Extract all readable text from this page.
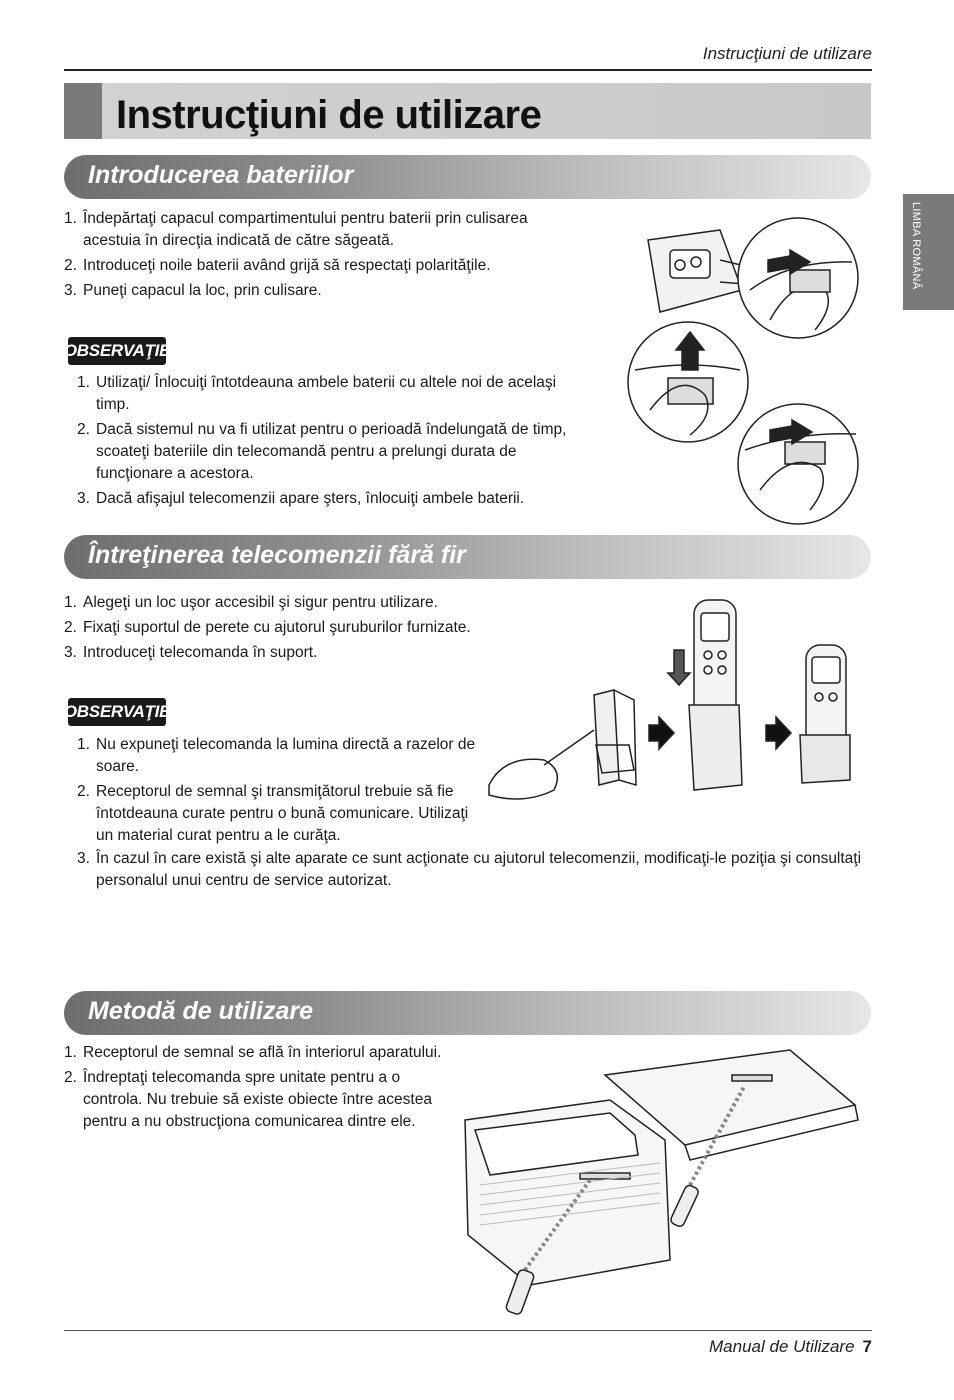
Instrucţiuni de utilizare
Instrucţiuni de utilizare
LIMBA ROMÂNĂ
Introducerea bateriilor
1. Îndepărtaţi capacul compartimentului pentru baterii prin culisarea acestuia în direcţia indicată de către săgeată.
2. Introduceţi noile baterii având grijă să respectaţi polarităţile.
3. Puneţi capacul la loc, prin culisare.
OBSERVAŢIE
1. Utilizaţi/ Înlocuiţi întotdeauna ambele baterii cu altele noi de acelaşi timp.
2. Dacă sistemul nu va fi utilizat pentru o perioadă îndelungată de timp, scoateţi bateriile din telecomandă pentru a prelungi durata de funcţionare a acestora.
3. Dacă afişajul telecomenzii apare şters, înlocuiţi ambele baterii.
Întreţinerea telecomenzii fără fir
1. Alegeţi un loc uşor accesibil şi sigur pentru utilizare.
2. Fixaţi suportul de perete cu ajutorul şuruburilor furnizate.
3. Introduceţi telecomanda în suport.
OBSERVAŢIE
1. Nu expuneţi telecomanda la lumina directă a razelor de soare.
2. Receptorul de semnal şi transmiţătorul trebuie să fie întotdeauna curate pentru o bună comunicare. Utilizaţi un material curat pentru a le curăţa.
3. În cazul în care există şi alte aparate ce sunt acţionate cu ajutorul telecomenzii, modificaţi-le poziţia şi consultaţi personalul unui centru de service autorizat.
Metodă de utilizare
1. Receptorul de semnal se află în interiorul aparatului.
2. Îndreptaţi telecomanda spre unitate pentru a o controla. Nu trebuie să existe obiecte între acestea pentru a nu obstrucţiona comunicarea dintre ele.
Manual de Utilizare 7
